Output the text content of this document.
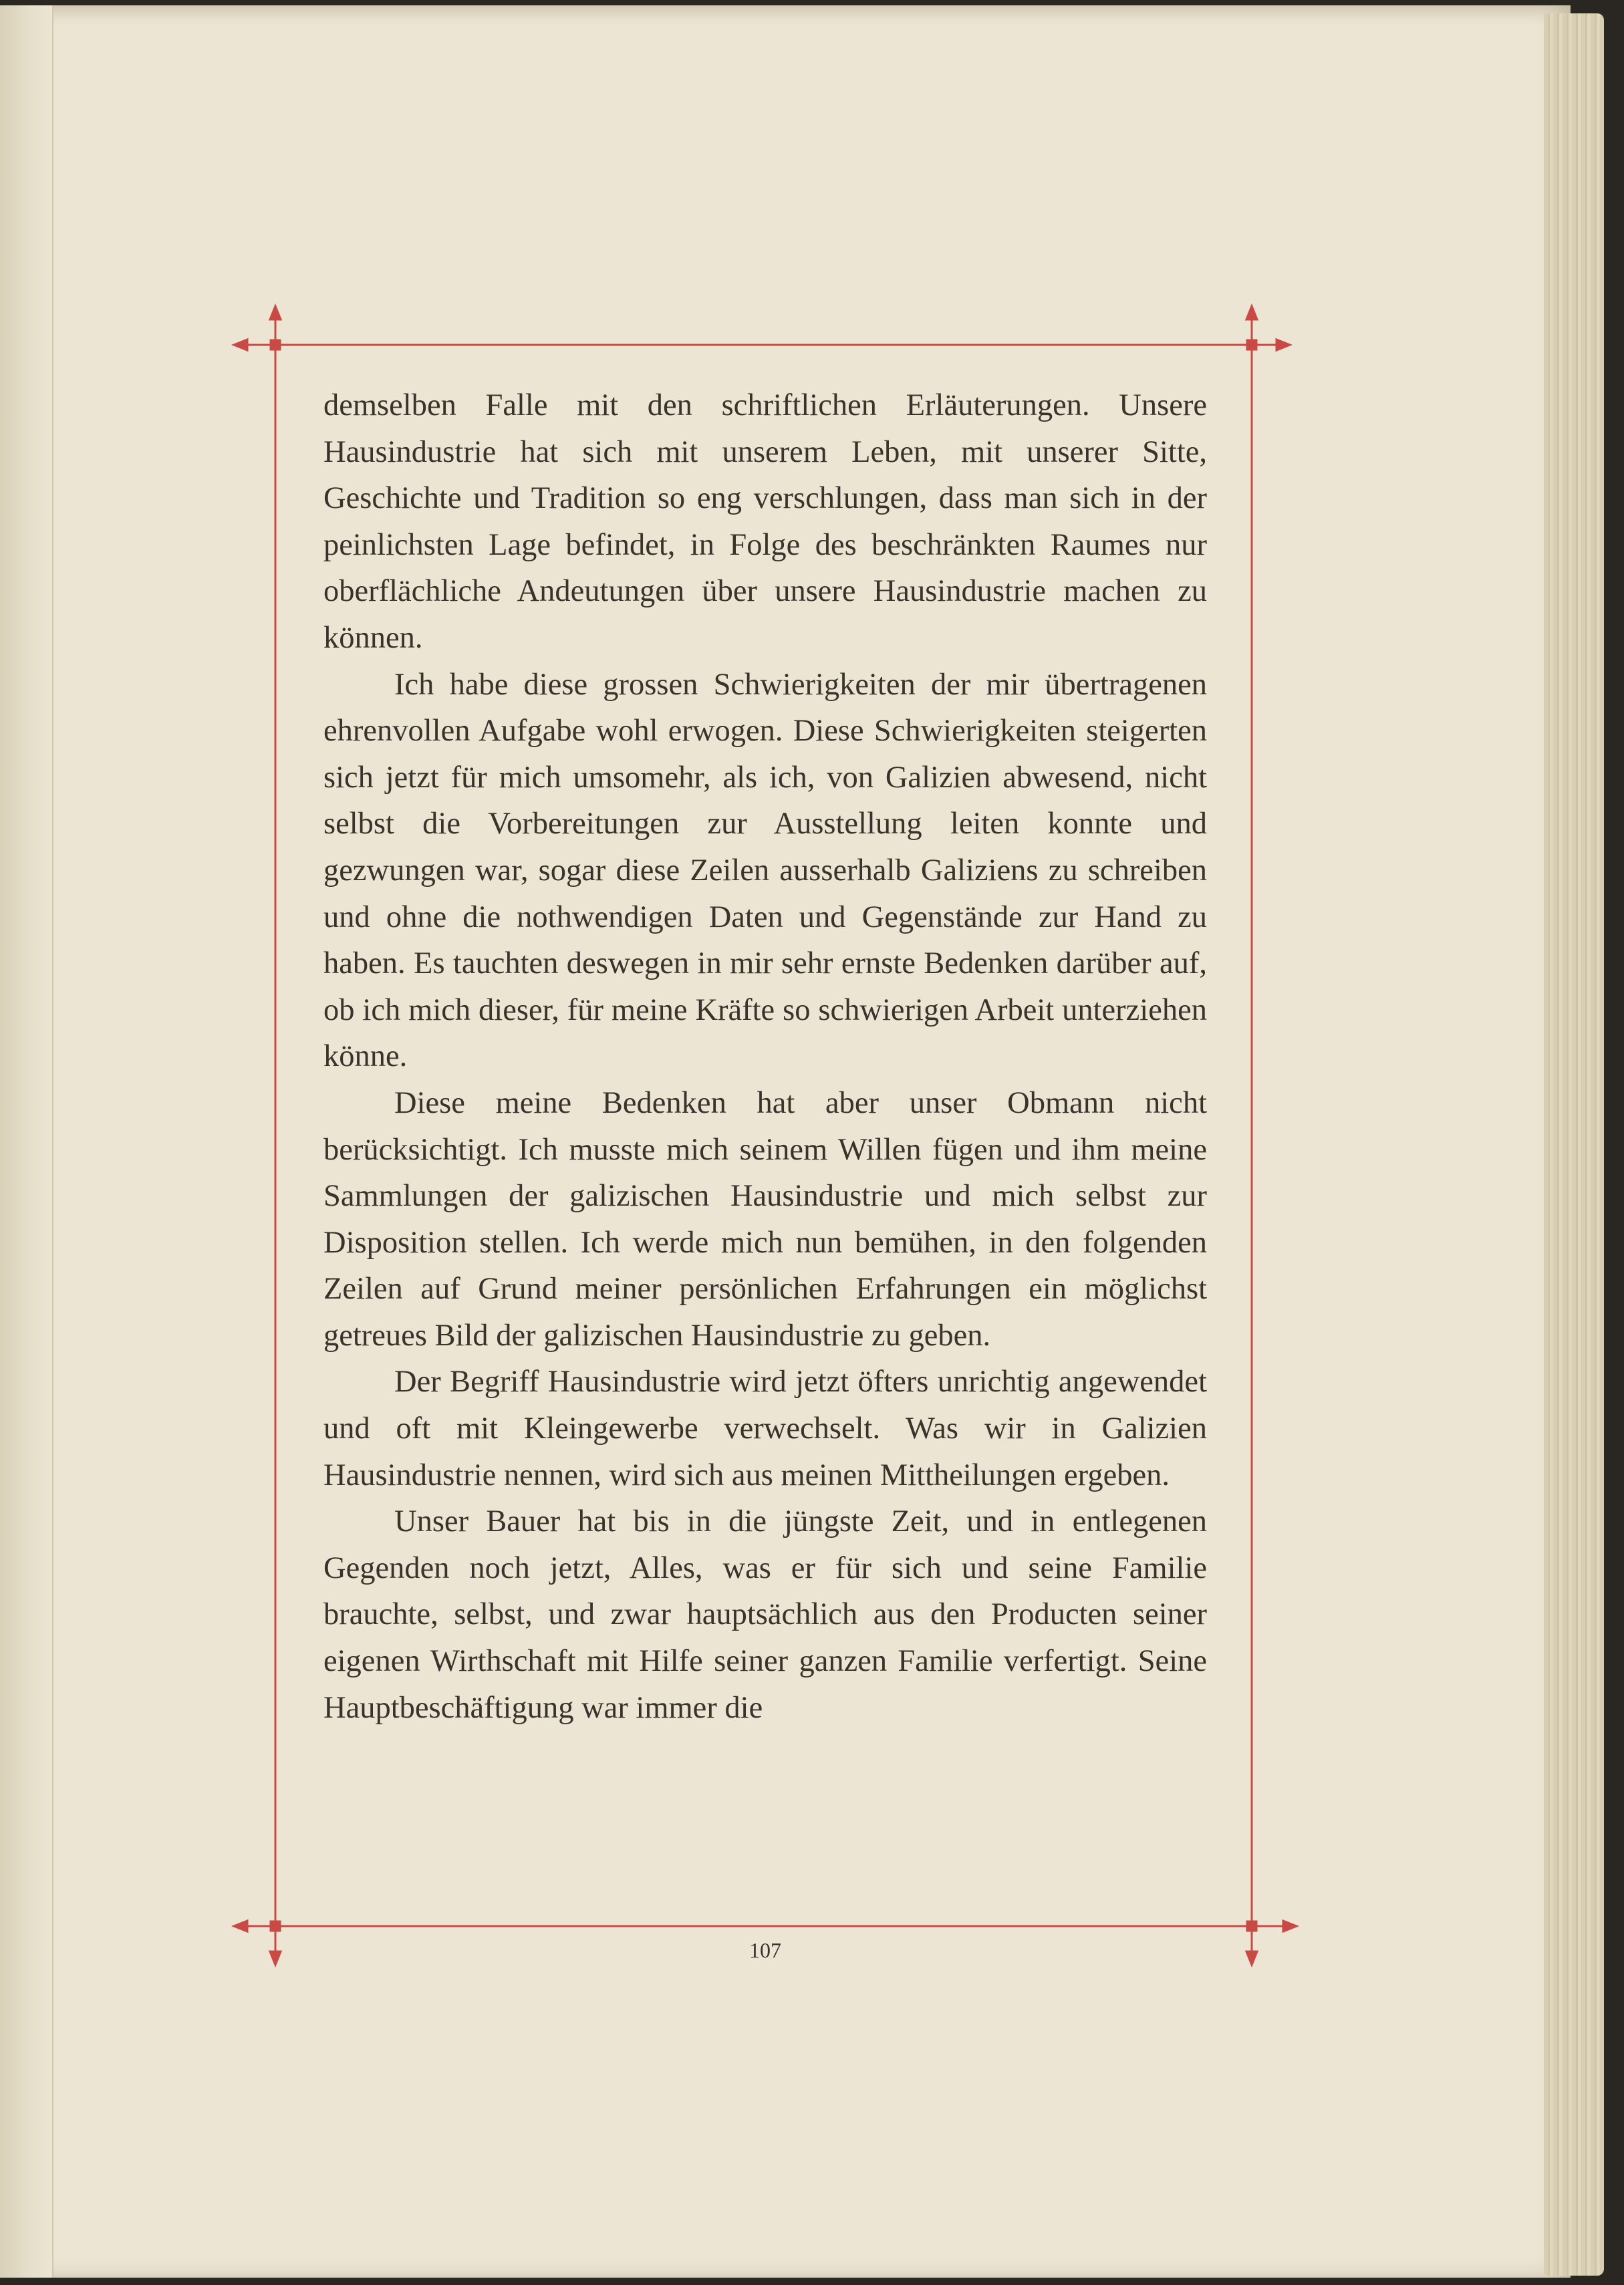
demselben Falle mit den schriftlichen Erläuterungen. Unsere Hausindustrie hat sich mit unserem Leben, mit unserer Sitte, Geschichte und Tradition so eng verschlungen, dass man sich in der peinlichsten Lage befindet, in Folge des beschränkten Raumes nur oberflächliche Andeutungen über unsere Hausindustrie machen zu können.

Ich habe diese grossen Schwierigkeiten der mir übertragenen ehrenvollen Aufgabe wohl erwogen. Diese Schwierigkeiten steigerten sich jetzt für mich umsomehr, als ich, von Galizien abwesend, nicht selbst die Vorbereitungen zur Ausstellung leiten konnte und gezwungen war, sogar diese Zeilen ausserhalb Galiziens zu schreiben und ohne die nothwendigen Daten und Gegenstände zur Hand zu haben. Es tauchten deswegen in mir sehr ernste Bedenken darüber auf, ob ich mich dieser, für meine Kräfte so schwierigen Arbeit unterziehen könne.

Diese meine Bedenken hat aber unser Obmann nicht berücksichtigt. Ich musste mich seinem Willen fügen und ihm meine Sammlungen der galizischen Hausindustrie und mich selbst zur Disposition stellen. Ich werde mich nun bemühen, in den folgenden Zeilen auf Grund meiner persönlichen Erfahrungen ein möglichst getreues Bild der galizischen Hausindustrie zu geben.

Der Begriff Hausindustrie wird jetzt öfters unrichtig angewendet und oft mit Kleingewerbe verwechselt. Was wir in Galizien Hausindustrie nennen, wird sich aus meinen Mittheilungen ergeben.

Unser Bauer hat bis in die jüngste Zeit, und in entlegenen Gegenden noch jetzt, Alles, was er für sich und seine Familie brauchte, selbst, und zwar hauptsächlich aus den Producten seiner eigenen Wirthschaft mit Hilfe seiner ganzen Familie verfertigt. Seine Hauptbeschäftigung war immer die

107
